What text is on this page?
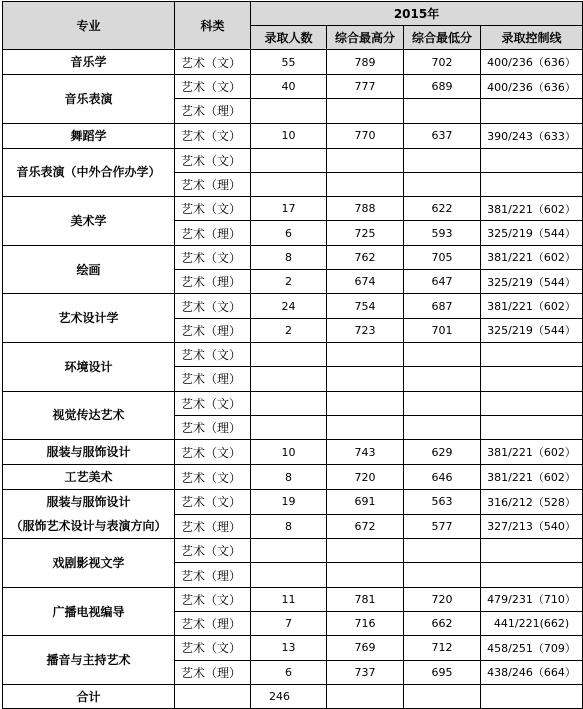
专业	科类	2015年			
		录取人数	综合最高分	综合最低分	录取控制线

音乐学	艺术（文）	55	789	702	400/236（636）

音乐表演	艺术（文）	40	777	689	400/236（636）
	艺术（理）				

舞蹈学	艺术（文）	10	770	637	390/243（633）

音乐表演（中外合作办学）	艺术（文）				
	艺术（理）				

美术学	艺术（文）	17	788	622	381/221（602）
	艺术（理）	6	725	593	325/219（544）

绘画	艺术（文）	8	762	705	381/221（602）
	艺术（理）	2	674	647	325/219（544）

艺术设计学	艺术（文）	24	754	687	381/221（602）
	艺术（理）	2	723	701	325/219（544）

环境设计	艺术（文）				
	艺术（理）				

视觉传达艺术	艺术（文）				
	艺术（理）				

服装与服饰设计	艺术（文）	10	743	629	381/221（602）

工艺美术	艺术（文）	8	720	646	381/221（602）

服装与服饰设计
（服饰艺术设计与表演方向）	艺术（文）	19	691	563	316/212（528）
	艺术（理）	8	672	577	327/213（540）

戏剧影视文学	艺术（文）				
	艺术（理）				

广播电视编导	艺术（文）	11	781	720	479/231（710）
	艺术（理）	7	716	662	441/221(662)

播音与主持艺术	艺术（文）	13	769	712	458/251（709）
	艺术（理）	6	737	695	438/246（664）
合计		246			
